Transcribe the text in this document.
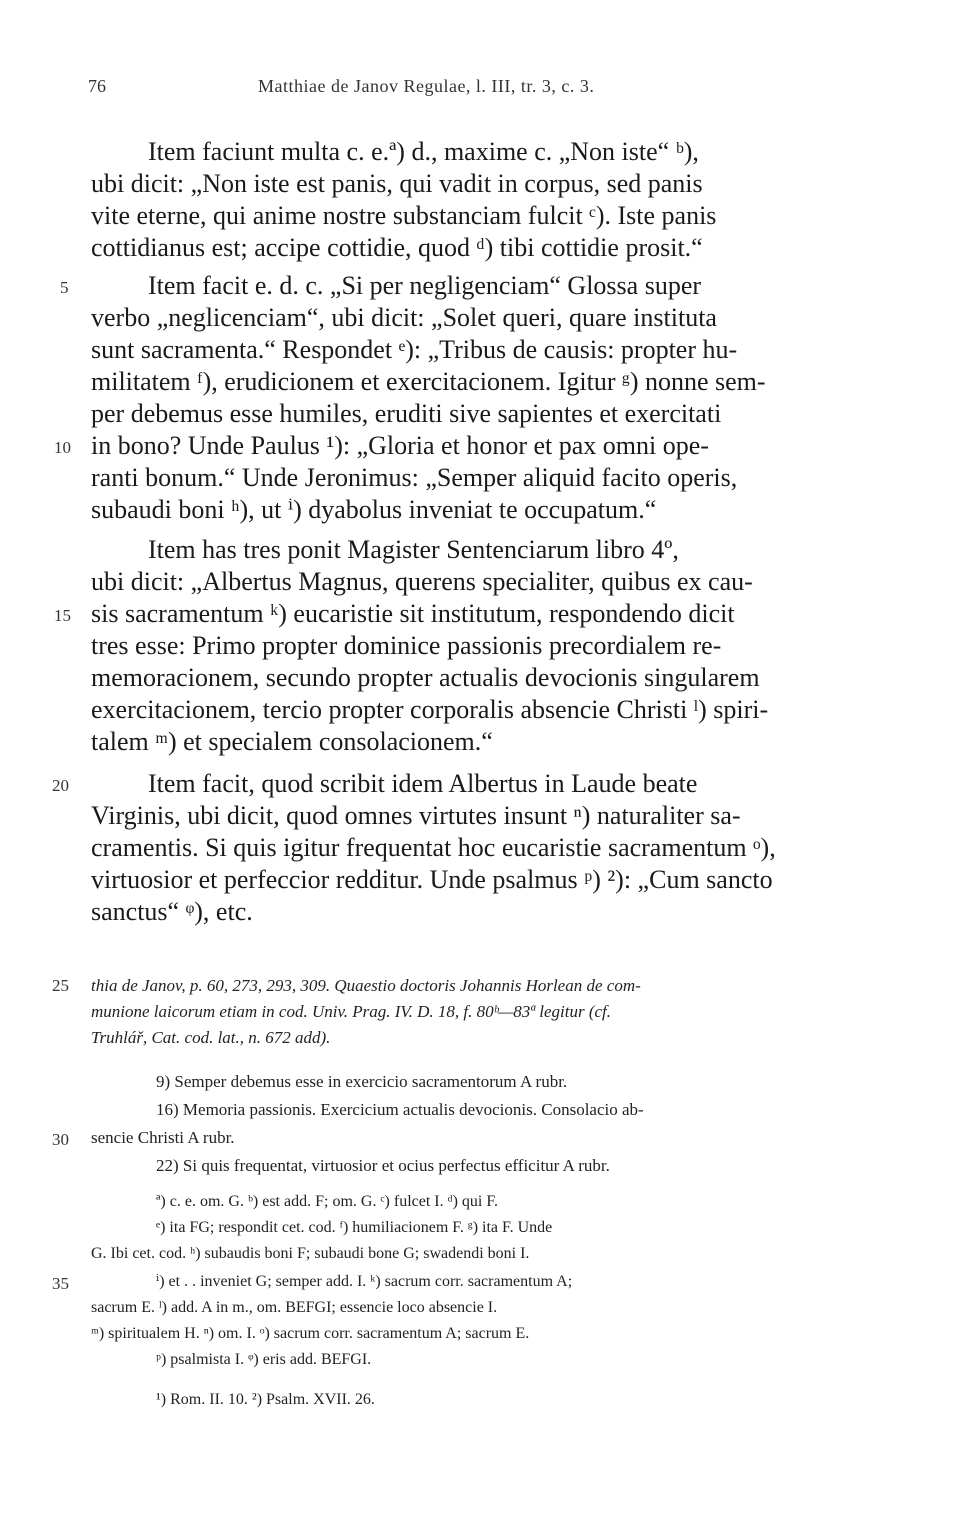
76	Matthiae de Janov Regulae, l. III, tr. 3, c. 3.
Item faciunt multa c. e.ª) d., maxime c. „Non iste“ ᵇ),
ubi dicit: „Non iste est panis, qui vadit in corpus, sed panis
vite eterne, qui anime nostre substanciam fulcit ᶜ). Iste panis
cottidianus est; accipe cottidie, quod ᵈ) tibi cottidie prosit.“
Item facit e. d. c. „Si per negligenciam“ Glossa super
verbo „neglicenciam“, ubi dicit: „Solet queri, quare instituta
sunt sacramenta.“ Respondet ᵉ): „Tribus de causis: propter hu-
militatem ᶠ), erudicionem et exercitacionem. Igitur ᵍ) nonne sem-
per debemus esse humiles, eruditi sive sapientes et exercitati
in bono? Unde Paulus ¹): „Gloria et honor et pax omni ope-
ranti bonum.“ Unde Jeronimus: „Semper aliquid facito operis,
subaudi boni ʰ), ut ⁱ) dyabolus inveniat te occupatum.“
Item has tres ponit Magister Sentenciarum libro 4º,
ubi dicit: „Albertus Magnus, querens specialiter, quibus ex cau-
sis sacramentum ᵏ) eucaristie sit institutum, respondendo dicit
tres esse: Primo propter dominice passionis precordialem re-
memoracionem, secundo propter actualis devocionis singularem
exercitacionem, tercio propter corporalis absencie Christi ˡ) spiri-
talem ᵐ) et specialem consolacionem.“
Item facit, quod scribit idem Albertus in Laude beate
Virginis, ubi dicit, quod omnes virtutes insunt ⁿ) naturaliter sa-
cramentis. Si quis igitur frequentat hoc eucaristie sacramentum ᵒ),
virtuosior et perfeccior redditur. Unde psalmus ᵖ) ²): „Cum sancto
sanctus“ ᵠ), etc.
5
10
15
20
25
30
35
thia de Janov, p. 60, 273, 293, 309. Quaestio doctoris Johannis Horlean de com-
munione laicorum etiam in cod. Univ. Prag. IV. D. 18, f. 80ᵇ—83ª legitur (cf.
Truhlář, Cat. cod. lat., n. 672 add).
9) Semper debemus esse in exercicio sacramentorum A rubr.
16) Memoria passionis. Exercicium actualis devocionis. Consolacio ab-
sencie Christi A rubr.
22) Si quis frequentat, virtuosior et ocius perfectus efficitur A rubr.
ª) c. e. om. G. ᵇ) est add. F; om. G. ᶜ) fulcet I. ᵈ) qui F.
ᵉ) ita FG; respondit cet. cod. ᶠ) humiliacionem F. ᵍ) ita F. Unde
G. Ibi cet. cod. ʰ) subaudis boni F; subaudi bone G; swadendi boni I.
ⁱ) et . . inveniet G; semper add. I. ᵏ) sacrum corr. sacramentum A;
sacrum E. ˡ) add. A in m., om. BEFGI; essencie loco absencie I.
ᵐ) spiritualem H. ⁿ) om. I. ᵒ) sacrum corr. sacramentum A; sacrum E.
ᵖ) psalmista I. ᵠ) eris add. BEFGI.
¹) Rom. II. 10. ²) Psalm. XVII. 26.
